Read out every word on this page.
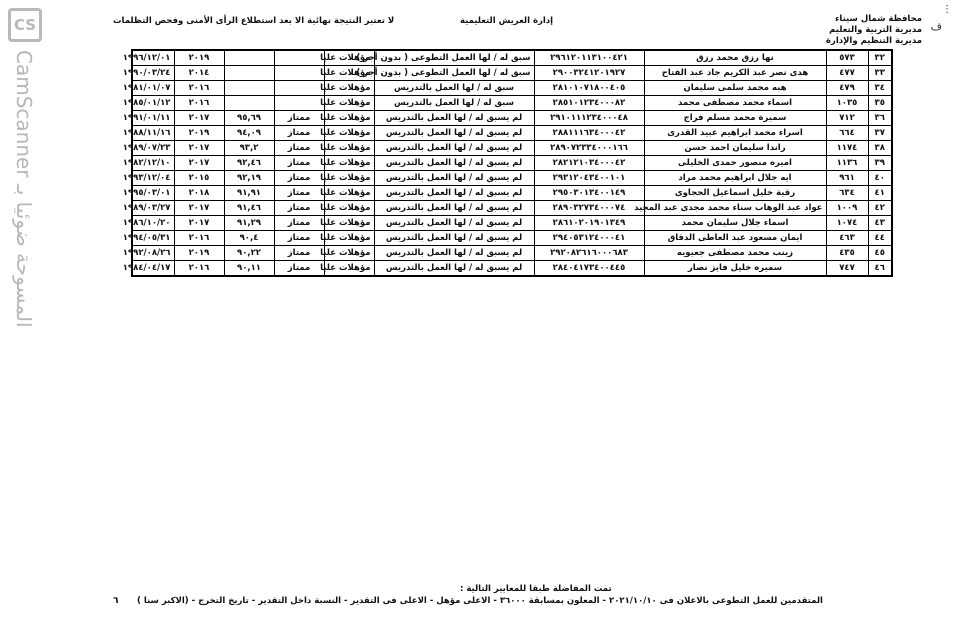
CS
CamScanner المسوحة ضوئيا بـ
⋮
ف
محافظة شمال سيناء
مديرية التربية والتعليم
مديرية التنظيم والإدارة
إدارة العريش التعليمية
لا تعتبر النتيجة نهائية الا بعد استطلاع الرأى الأمنى وفحص التظلمات
٣٢	٥٧٣	نها رزق محمد رزق	٢٩٦١٢٠١١٣١٠٠٤٢١	سبق له / لها العمل التطوعى ( بدون أجر )	مؤهلات عليا			٢٠١٩	١٩٩٦/١٢/٠١
٣٣	٤٧٧	هدى نصر عبد الكريم جاد عبد الفتاح	٢٩٠٠٣٢٤١٢٠١٩٢٧	سبق له / لها العمل التطوعى ( بدون أجر )	مؤهلات عليا			٢٠١٤	١٩٩٠/٠٣/٢٤
٣٤	٤٧٩	هبه محمد سلمى سليمان	٢٨١٠١٠٧١٨٠٠٤٠٥	سبق له / لها العمل بالتدريس	مؤهلات عليا			٢٠١٦	١٩٨١/٠١/٠٧
٣٥	١٠٣٥	اسماء محمد مصطفى محمد	٢٨٥١٠١٢٣٤٠٠٠٨٢	سبق له / لها العمل بالتدريس	مؤهلات عليا			٢٠١٦	١٩٨٥/٠١/١٢
٣٦	٧١٢	سميرة محمد مسلم فراج	٢٩١٠١١١٢٣٤٠٠٠٤٨	لم يسبق له / لها العمل بالتدريس	مؤهلات عليا	ممتاز	٩٥,٦٩	٢٠١٧	١٩٩١/٠١/١١
٣٧	٦٦٤	اسراء محمد ابراهيم عبيد القدرى	٢٨٨١١١٦٣٤٠٠٠٤٢	لم يسبق له / لها العمل بالتدريس	مؤهلات عليا	ممتاز	٩٤,٠٩	٢٠١٩	١٩٨٨/١١/١٦
٣٨	١١٧٤	راندا سليمان احمد حسن	٢٨٩٠٧٢٣٣٤٠٠٠١٦٦	لم يسبق له / لها العمل بالتدريس	مؤهلات عليا	ممتاز	٩٣,٢	٢٠١٧	١٩٨٩/٠٧/٢٣
٣٩	١١٣٦	اميره منصور حمدى الخليلى	٢٨٢١٢١٠٣٤٠٠٠٤٢	لم يسبق له / لها العمل بالتدريس	مؤهلات عليا	ممتاز	٩٢,٤٦	٢٠١٧	١٩٨٢/١٢/١٠
٤٠	٩٦١	ايه جلال ابراهيم محمد مراد	٢٩٣١٢٠٤٣٤٠٠١٠١	لم يسبق له / لها العمل بالتدريس	مؤهلات عليا	ممتاز	٩٢,١٩	٢٠١٥	١٩٩٣/١٢/٠٤
٤١	٦٣٤	رقية خليل اسماعيل الحجاوى	٢٩٥٠٣٠١٣٤٠٠١٤٩	لم يسبق له / لها العمل بالتدريس	مؤهلات عليا	ممتاز	٩١,٩١	٢٠١٨	١٩٩٥/٠٣/٠١
٤٢	١٠٠٩	عواد عبد الوهاب سناء محمد مجدى عبد المجيد	٢٨٩٠٣٢٧٣٤٠٠٠٧٤	لم يسبق له / لها العمل بالتدريس	مؤهلات عليا	ممتاز	٩١,٤٦	٢٠١٧	١٩٨٩/٠٣/٢٧
٤٣	١٠٧٤	اسماء جلال سليمان محمد	٢٨٦١٠٢٠١٩٠١٣٤٩	لم يسبق له / لها العمل بالتدريس	مؤهلات عليا	ممتاز	٩١,٢٩	٢٠١٧	١٩٨٦/١٠/٢٠
٤٤	٤٦٣	ايمان مسعود عبد العاطى الدقاق	٢٩٤٠٥٣١٢٤٠٠٠٤١	لم يسبق له / لها العمل بالتدريس	مؤهلات عليا	ممتاز	٩٠,٤	٢٠١٦	١٩٩٤/٠٥/٣١
٤٥	٤٣٥	زينب محمد مصطفى جعيويه	٢٩٢٠٨٢٦١٦٠٠٠٦٨٣	لم يسبق له / لها العمل بالتدريس	مؤهلات عليا	ممتاز	٩٠,٢٢	٢٠١٩	١٩٩٢/٠٨/٢٦
٤٦	٧٤٧	سميره خليل فايز نصار	٢٨٤٠٤١٧٣٤٠٠٤٤٥	لم يسبق له / لها العمل بالتدريس	مؤهلات عليا	ممتاز	٩٠,١١	٢٠١٦	١٩٨٤/٠٤/١٧
تمت المفاضلة طبقا للمعايير التالية :
المتقدمين للعمل التطوعى بالاعلان فى ٢٠٢١/١٠/١٠ - المعلون بمسابقة ٣٦٠٠٠ - الاعلى مؤهل - الاعلى فى التقدير - النسبة داخل التقدير - تاريخ التخرج - (الاكبر سنا )
٦
